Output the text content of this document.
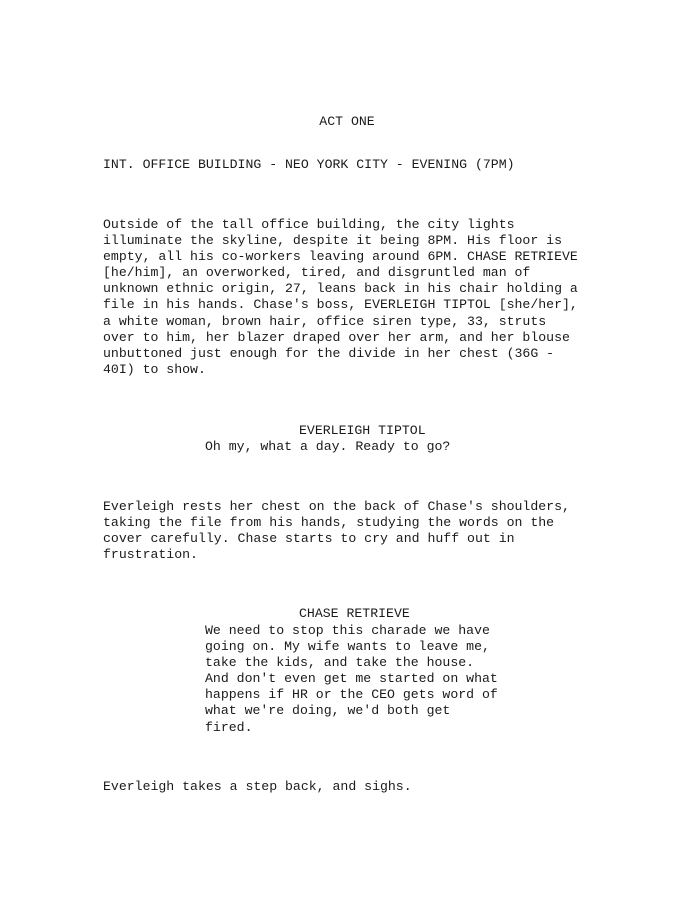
ACT ONE
INT. OFFICE BUILDING - NEO YORK CITY - EVENING (7PM)
Outside of the tall office building, the city lights
illuminate the skyline, despite it being 8PM. His floor is
empty, all his co-workers leaving around 6PM. CHASE RETRIEVE
[he/him], an overworked, tired, and disgruntled man of
unknown ethnic origin, 27, leans back in his chair holding a
file in his hands. Chase's boss, EVERLEIGH TIPTOL [she/her],
a white woman, brown hair, office siren type, 33, struts
over to him, her blazer draped over her arm, and her blouse
unbuttoned just enough for the divide in her chest (36G -
40I) to show.
EVERLEIGH TIPTOL
Oh my, what a day. Ready to go?
Everleigh rests her chest on the back of Chase's shoulders,
taking the file from his hands, studying the words on the
cover carefully. Chase starts to cry and huff out in
frustration.
CHASE RETRIEVE
We need to stop this charade we have
going on. My wife wants to leave me,
take the kids, and take the house.
And don't even get me started on what
happens if HR or the CEO gets word of
what we're doing, we'd both get
fired.
Everleigh takes a step back, and sighs.
